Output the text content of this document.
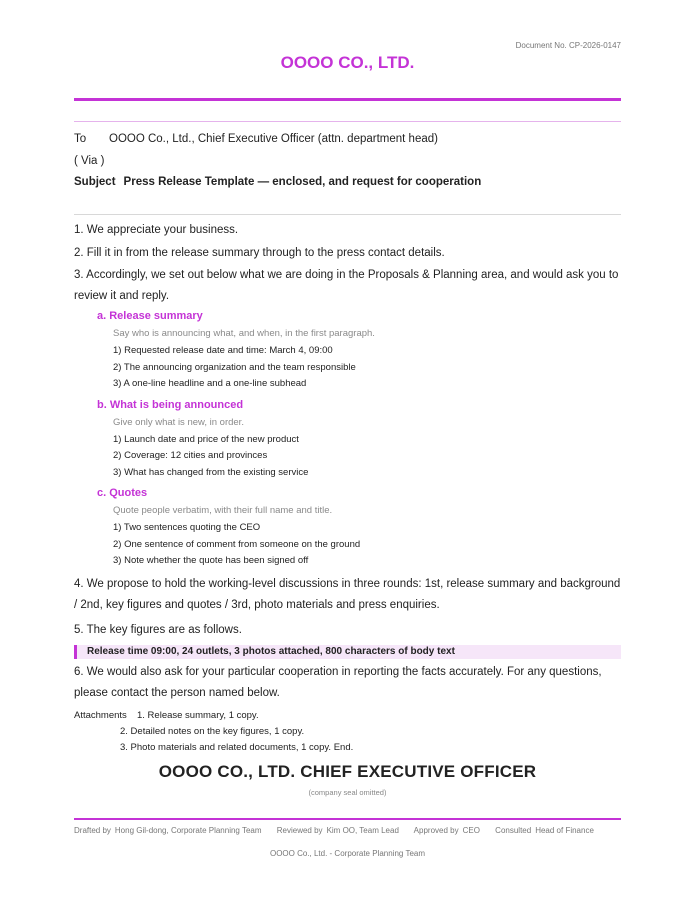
Document No. CP-2026-0147
OOOO CO., LTD.
To OOOO Co., Ltd., Chief Executive Officer (attn. department head)
( Via )
Subject Press Release Template — enclosed, and request for cooperation
1. We appreciate your business.
2. Fill it in from the release summary through to the press contact details.
3. Accordingly, we set out below what we are doing in the Proposals & Planning area, and would ask you to review it and reply.
a. Release summary
Say who is announcing what, and when, in the first paragraph.
1) Requested release date and time: March 4, 09:00
2) The announcing organization and the team responsible
3) A one-line headline and a one-line subhead
b. What is being announced
Give only what is new, in order.
1) Launch date and price of the new product
2) Coverage: 12 cities and provinces
3) What has changed from the existing service
c. Quotes
Quote people verbatim, with their full name and title.
1) Two sentences quoting the CEO
2) One sentence of comment from someone on the ground
3) Note whether the quote has been signed off
4. We propose to hold the working-level discussions in three rounds: 1st, release summary and background / 2nd, key figures and quotes / 3rd, photo materials and press enquiries.
5. The key figures are as follows.
Release time 09:00, 24 outlets, 3 photos attached, 800 characters of body text
6. We would also ask for your particular cooperation in reporting the facts accurately. For any questions, please contact the person named below.
Attachments 1. Release summary, 1 copy.
2. Detailed notes on the key figures, 1 copy.
3. Photo materials and related documents, 1 copy. End.
OOOO CO., LTD. CHIEF EXECUTIVE OFFICER
(company seal omitted)
Drafted by Hong Gil-dong, Corporate Planning Team Reviewed by Kim OO, Team Lead Approved by CEO Consulted Head of Finance
OOOO Co., Ltd. - Corporate Planning Team
